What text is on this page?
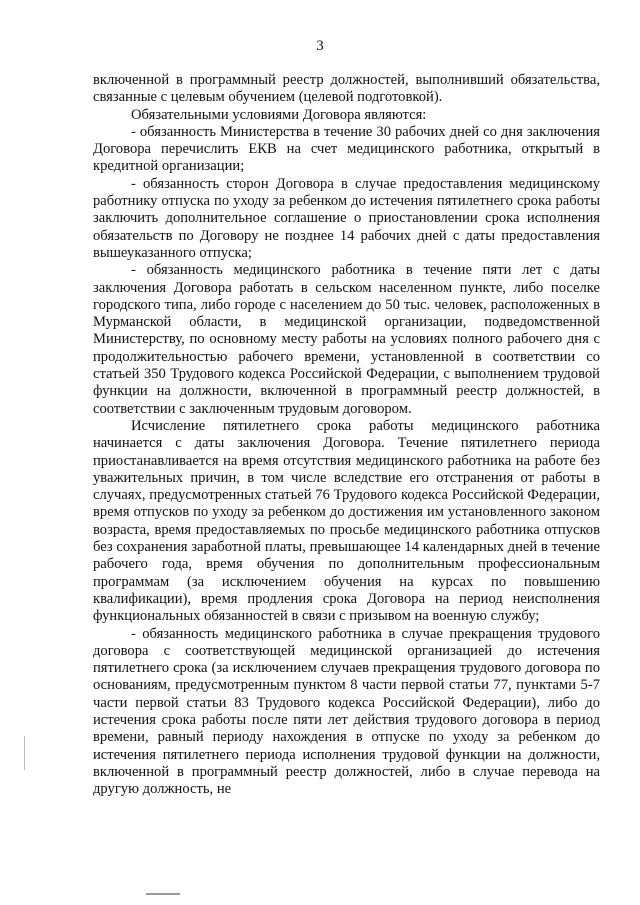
3

включенной в программный реестр должностей, выполнивший обязательства, связанные с целевым обучением (целевой подготовкой).

Обязательными условиями Договора являются:

- обязанность Министерства в течение 30 рабочих дней со дня заключения Договора перечислить ЕКВ на счет медицинского работника, открытый в кредитной организации;

- обязанность сторон Договора в случае предоставления медицинскому работнику отпуска по уходу за ребенком до истечения пятилетнего срока работы заключить дополнительное соглашение о приостановлении срока исполнения обязательств по Договору не позднее 14 рабочих дней с даты предоставления вышеуказанного отпуска;

- обязанность медицинского работника в течение пяти лет с даты заключения Договора работать в сельском населенном пункте, либо поселке городского типа, либо городе с населением до 50 тыс. человек, расположенных в Мурманской области, в медицинской организации, подведомственной Министерству, по основному месту работы на условиях полного рабочего дня с продолжительностью рабочего времени, установленной в соответствии со статьей 350 Трудового кодекса Российской Федерации, с выполнением трудовой функции на должности, включенной в программный реестр должностей, в соответствии с заключенным трудовым договором.

Исчисление пятилетнего срока работы медицинского работника начинается с даты заключения Договора. Течение пятилетнего периода приостанавливается на время отсутствия медицинского работника на работе без уважительных причин, в том числе вследствие его отстранения от работы в случаях, предусмотренных статьей 76 Трудового кодекса Российской Федерации, время отпусков по уходу за ребенком до достижения им установленного законом возраста, время предоставляемых по просьбе медицинского работника отпусков без сохранения заработной платы, превышающее 14 календарных дней в течение рабочего года, время обучения по дополнительным профессиональным программам (за исключением обучения на курсах по повышению квалификации), время продления срока Договора на период неисполнения функциональных обязанностей в связи с призывом на военную службу;

- обязанность медицинского работника в случае прекращения трудового договора с соответствующей медицинской организацией до истечения пятилетнего срока (за исключением случаев прекращения трудового договора по основаниям, предусмотренным пунктом 8 части первой статьи 77, пунктами 5-7 части первой статьи 83 Трудового кодекса Российской Федерации), либо до истечения срока работы после пяти лет действия трудового договора в период времени, равный периоду нахождения в отпуске по уходу за ребенком до истечения пятилетнего периода исполнения трудовой функции на должности, включенной в программный реестр должностей, либо в случае перевода на другую должность, не
